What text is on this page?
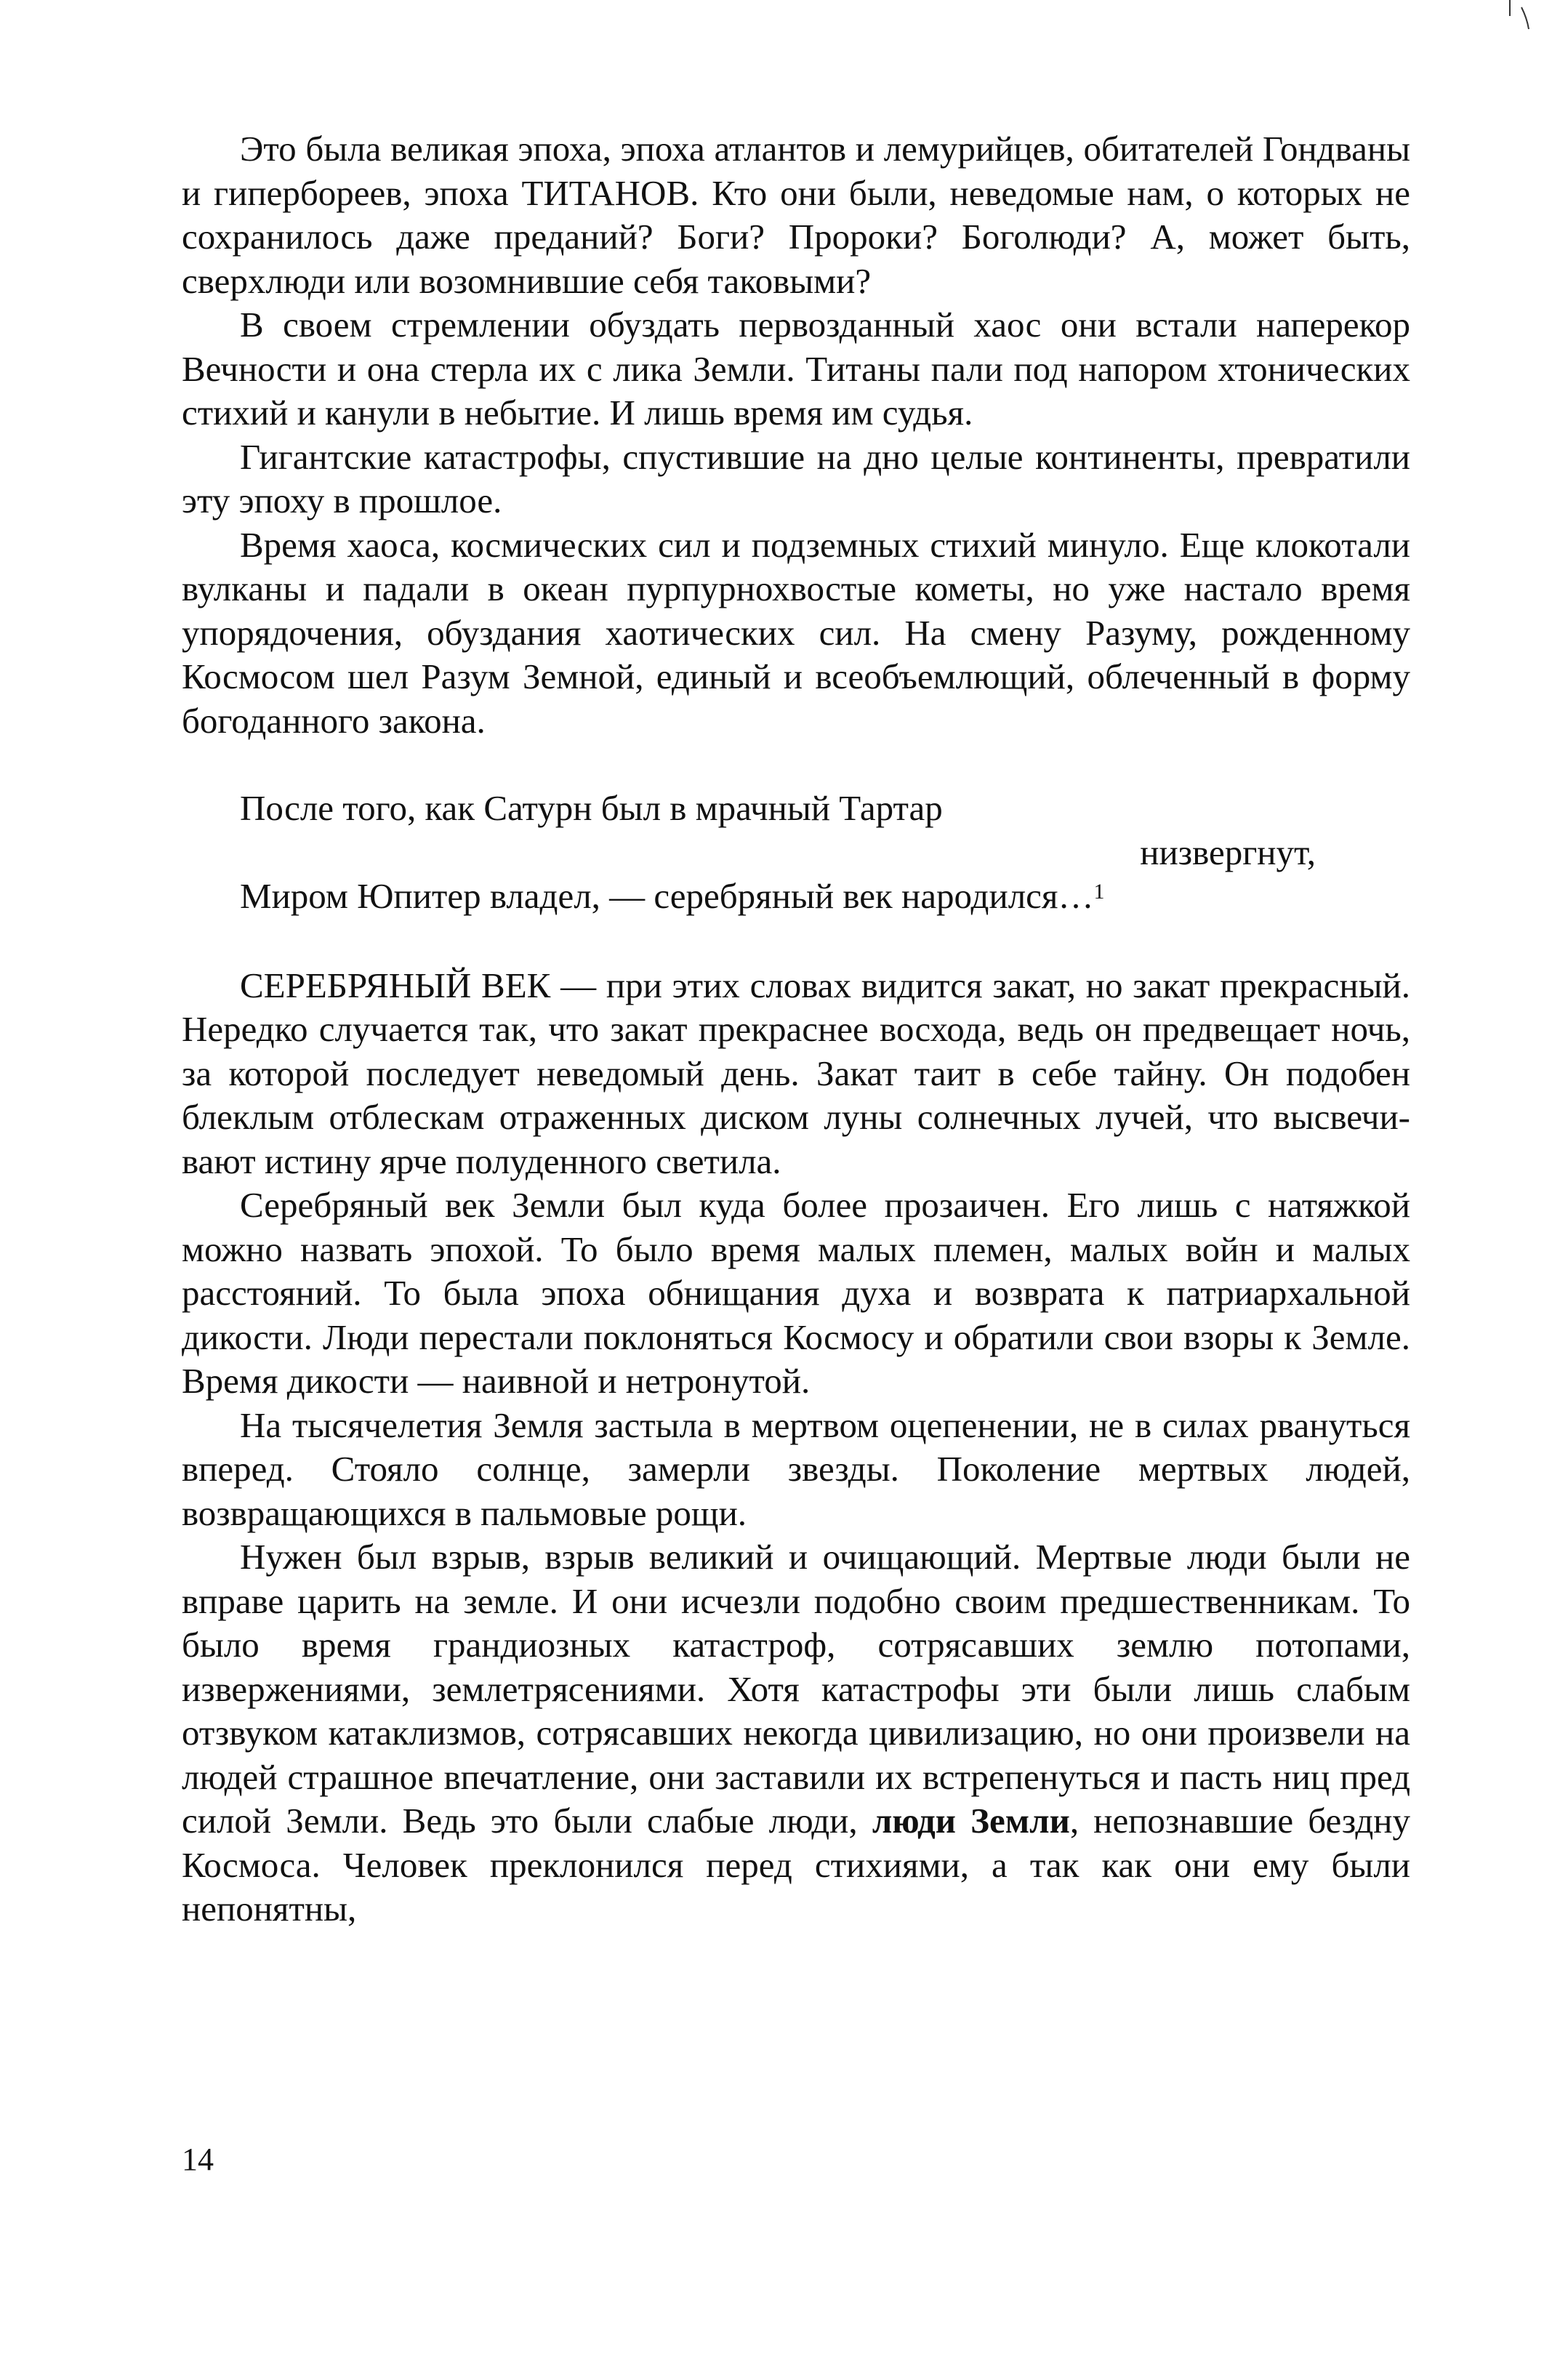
Это была великая эпоха, эпоха атлантов и лемурийцев, обитателей Гондваны и гипербореев, эпоха ТИТАНОВ. Кто они были, неведомые нам, о которых не сохранилось даже преданий? Боги? Пророки? Боголюди? А, может быть, сверхлюди или возомнившие себя таковыми?

В своем стремлении обуздать первозданный хаос они встали наперекор Вечности и она стерла их с лика Земли. Титаны пали под напором хтонических стихий и канули в небытие. И лишь время им судья.

Гигантские катастрофы, спустившие на дно целые континенты, превратили эту эпоху в прошлое.

Время хаоса, космических сил и подземных стихий минуло. Еще клокотали вулканы и падали в океан пурпурнохвостые кометы, но уже настало время упорядочения, обуздания хаотических сил. На смену Разуму, рожденному Космосом шел Разум Земной, единый и всеобъемлющий, облеченный в форму богоданного закона.

После того, как Сатурн был в мрачный Тартар

низвергнут,

Миром Юпитер владел, — серебряный век народился…$^1$

СЕРЕБРЯНЫЙ ВЕК — при этих словах видится закат, но закат прекрасный. Нередко случается так, что закат прекраснее восхода, ведь он предвещает ночь, за которой последует неведомый день. Закат таит в себе тайну. Он подобен блеклым отблескам отраженных диском луны солнечных лучей, что высвечивают истину ярче полуденного светила.

Серебряный век Земли был куда более прозаичен. Его лишь с натяжкой можно назвать эпохой. То было время малых племен, малых войн и малых расстояний. То была эпоха обнищания духа и возврата к патриархальной дикости. Люди перестали поклоняться Космосу и обратили свои взоры к Земле. Время дикости — наивной и нетронутой.

На тысячелетия Земля застыла в мертвом оцепенении, не в силах рвануться вперед. Стояло солнце, замерли звезды. Поколение мертвых людей, возвращающихся в пальмовые рощи.

Нужен был взрыв, взрыв великий и очищающий. Мертвые люди были не вправе царить на земле. И они исчезли подобно своим предшественникам. То было время грандиозных катастроф, сотрясавших землю потопами, извержениями, землетрясениями. Хотя катастрофы эти были лишь слабым отзвуком катаклизмов, сотрясавших некогда цивилизацию, но они произвели на людей страшное впечатление, они заставили их встрепенуться и пасть ниц пред силой Земли. Ведь это были слабые люди, люди Земли, непознавшие бездну Космоса. Человек преклонился перед стихиями, а так как они ему были непонятны,

14
